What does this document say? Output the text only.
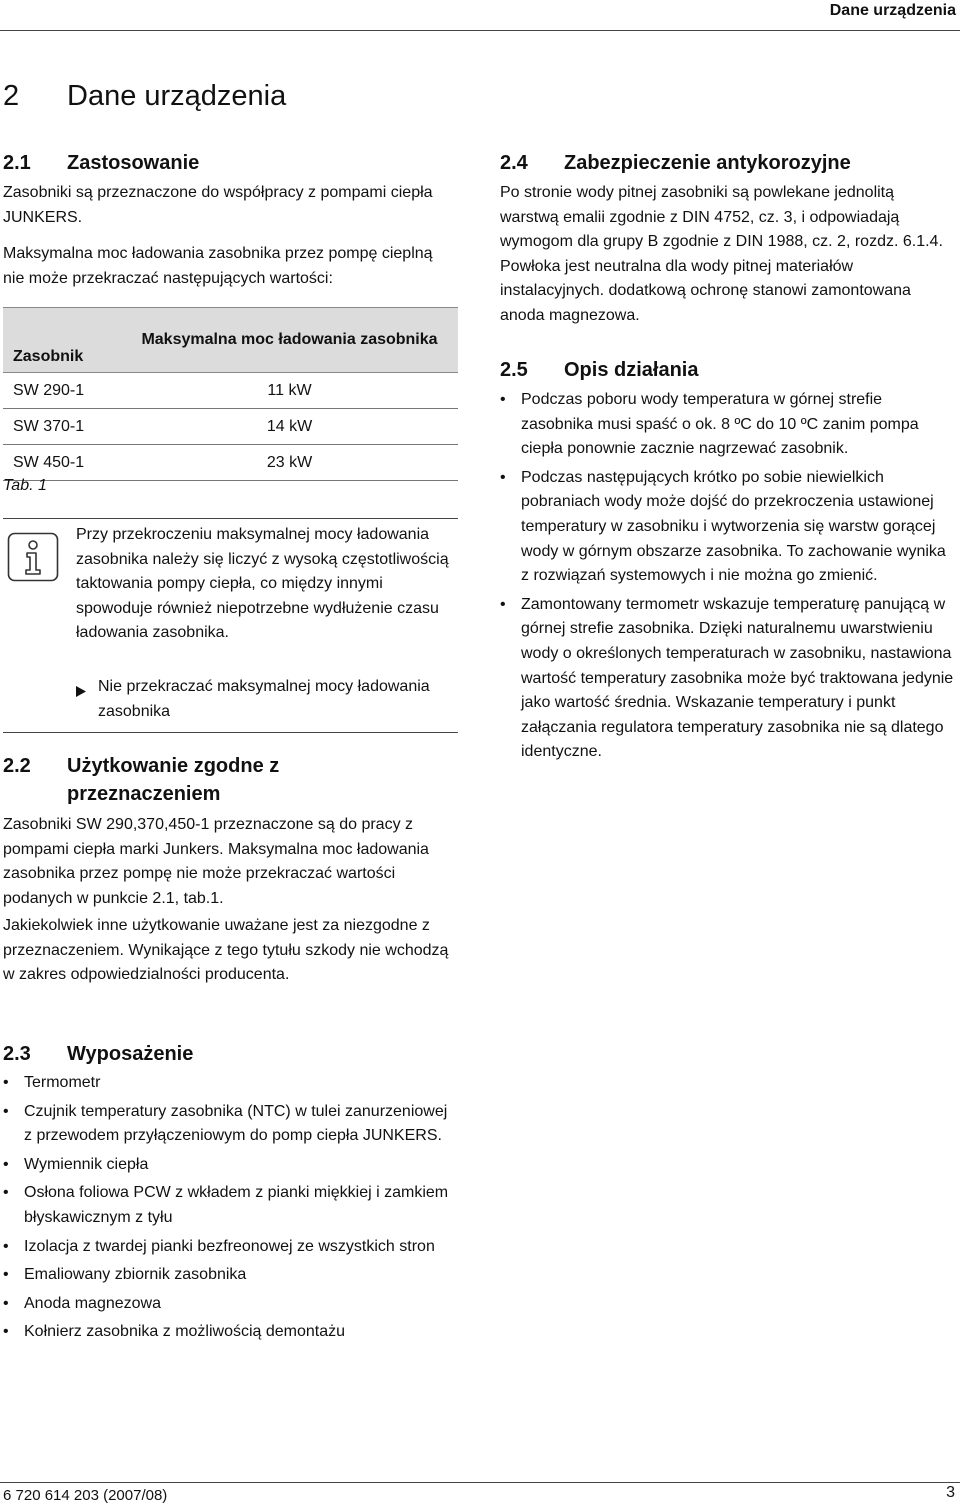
Dane urządzenia
2 Dane urządzenia
2.1 Zastosowanie

Zasobniki są przeznaczone do współpracy z pompami ciepła JUNKERS.

Maksymalna moc ładowania zasobnika przez pompę cieplną nie może przekraczać następujących wartości:

Zasobnik	Maksymalna moc ładowania zasobnika
SW 290-1	11 kW
SW 370-1	14 kW
SW 450-1	23 kW
Tab. 1

Przy przekroczeniu maksymalnej mocy ładowania zasobnika należy się liczyć z wysoką częstotliwością taktowania pompy ciepła, co między innymi spowoduje również niepotrzebne wydłużenie czasu ładowania zasobnika.

Nie przekraczać maksymalnej mocy ładowania zasobnika
2.2 Użytkowanie zgodne z
przeznaczeniem

Zasobniki SW 290,370,450-1 przeznaczone są do pracy z pompami ciepła marki Junkers. Maksymalna moc ładowania zasobnika przez pompę nie może przekraczać wartości podanych w punkcie 2.1, tab.1.

Jakiekolwiek inne użytkowanie uważane jest za niezgodne z przeznaczeniem. Wynikające z tego tytułu szkody nie wchodzą w zakres odpowiedzialności producenta.

2.3 Wyposażenie
• Termometr
• Czujnik temperatury zasobnika (NTC) w tulei zanurzeniowej z przewodem przyłączeniowym do pomp ciepła JUNKERS.
• Wymiennik ciepła
• Osłona foliowa PCW z wkładem z pianki miękkiej i zamkiem błyskawicznym z tyłu
• Izolacja z twardej pianki bezfreonowej ze wszystkich stron
• Emaliowany zbiornik zasobnika
• Anoda magnezowa
• Kołnierz zasobnika z możliwością demontażu
2.4 Zabezpieczenie antykorozyjne

Po stronie wody pitnej zasobniki są powlekane jednolitą warstwą emalii zgodnie z DIN 4752, cz. 3, i odpowiadają wymogom dla grupy B zgodnie z DIN 1988, cz. 2, rozdz. 6.1.4. Powłoka jest neutralna dla wody pitnej materiałów instalacyjnych. dodatkową ochronę stanowi zamontowana anoda magnezowa.

2.5 Opis działania
• Podczas poboru wody temperatura w górnej strefie zasobnika musi spaść o ok. 8 ºC do 10 ºC zanim pompa ciepła ponownie zacznie nagrzewać zasobnik.
• Podczas następujących krótko po sobie niewielkich pobraniach wody może dojść do przekroczenia ustawionej temperatury w zasobniku i wytworzenia się warstw gorącej wody w górnym obszarze zasobnika. To zachowanie wynika z rozwiązań systemowych i nie można go zmienić.
• Zamontowany termometr wskazuje temperaturę panującą w górnej strefie zasobnika. Dzięki naturalnemu uwarstwieniu wody o określonych temperaturach w zasobniku, nastawiona wartość temperatury zasobnika może być traktowana jedynie jako wartość średnia. Wskazanie temperatury i punkt załączania regulatora temperatury zasobnika nie są dlatego identyczne.
6 720 614 203 (2007/08)	3
